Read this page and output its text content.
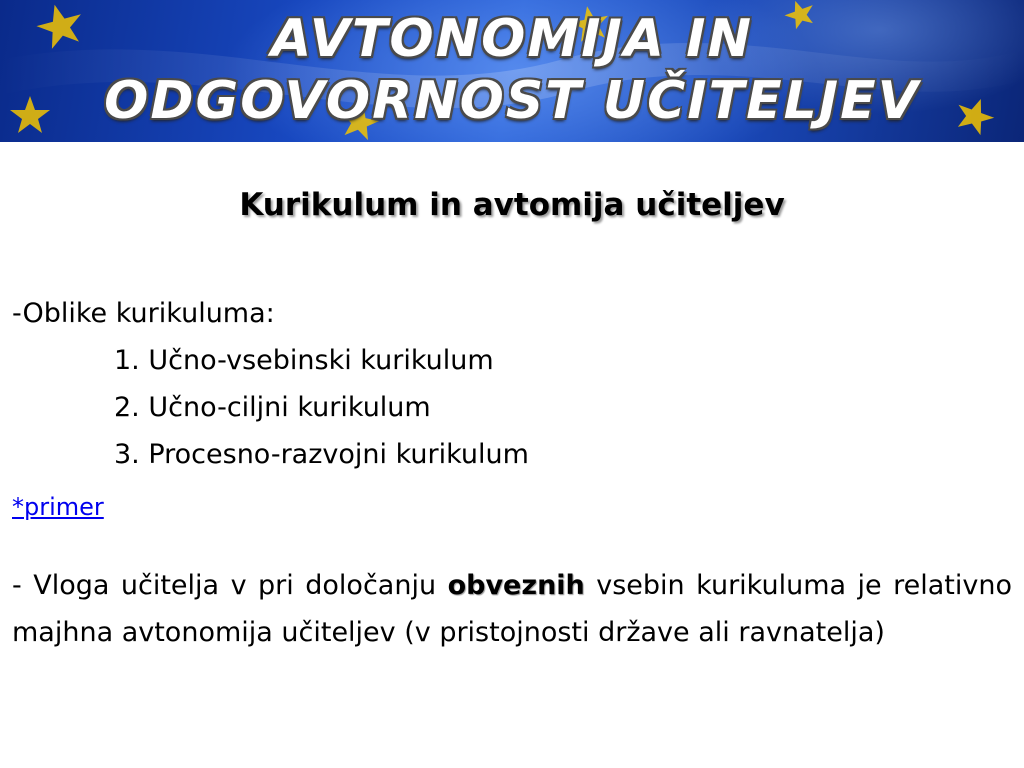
AVTONOMIJA IN
ODGOVORNOST UČITELJEV
Kurikulum in avtomija učiteljev
-Oblike kurikuluma:
1. Učno-vsebinski kurikulum
2. Učno-ciljni kurikulum
3. Procesno-razvojni kurikulum
*primer

- Vloga učitelja v pri določanju obveznih vsebin kurikuluma je relativno majhna avtonomija učiteljev (v pristojnosti države ali ravnatelja)
